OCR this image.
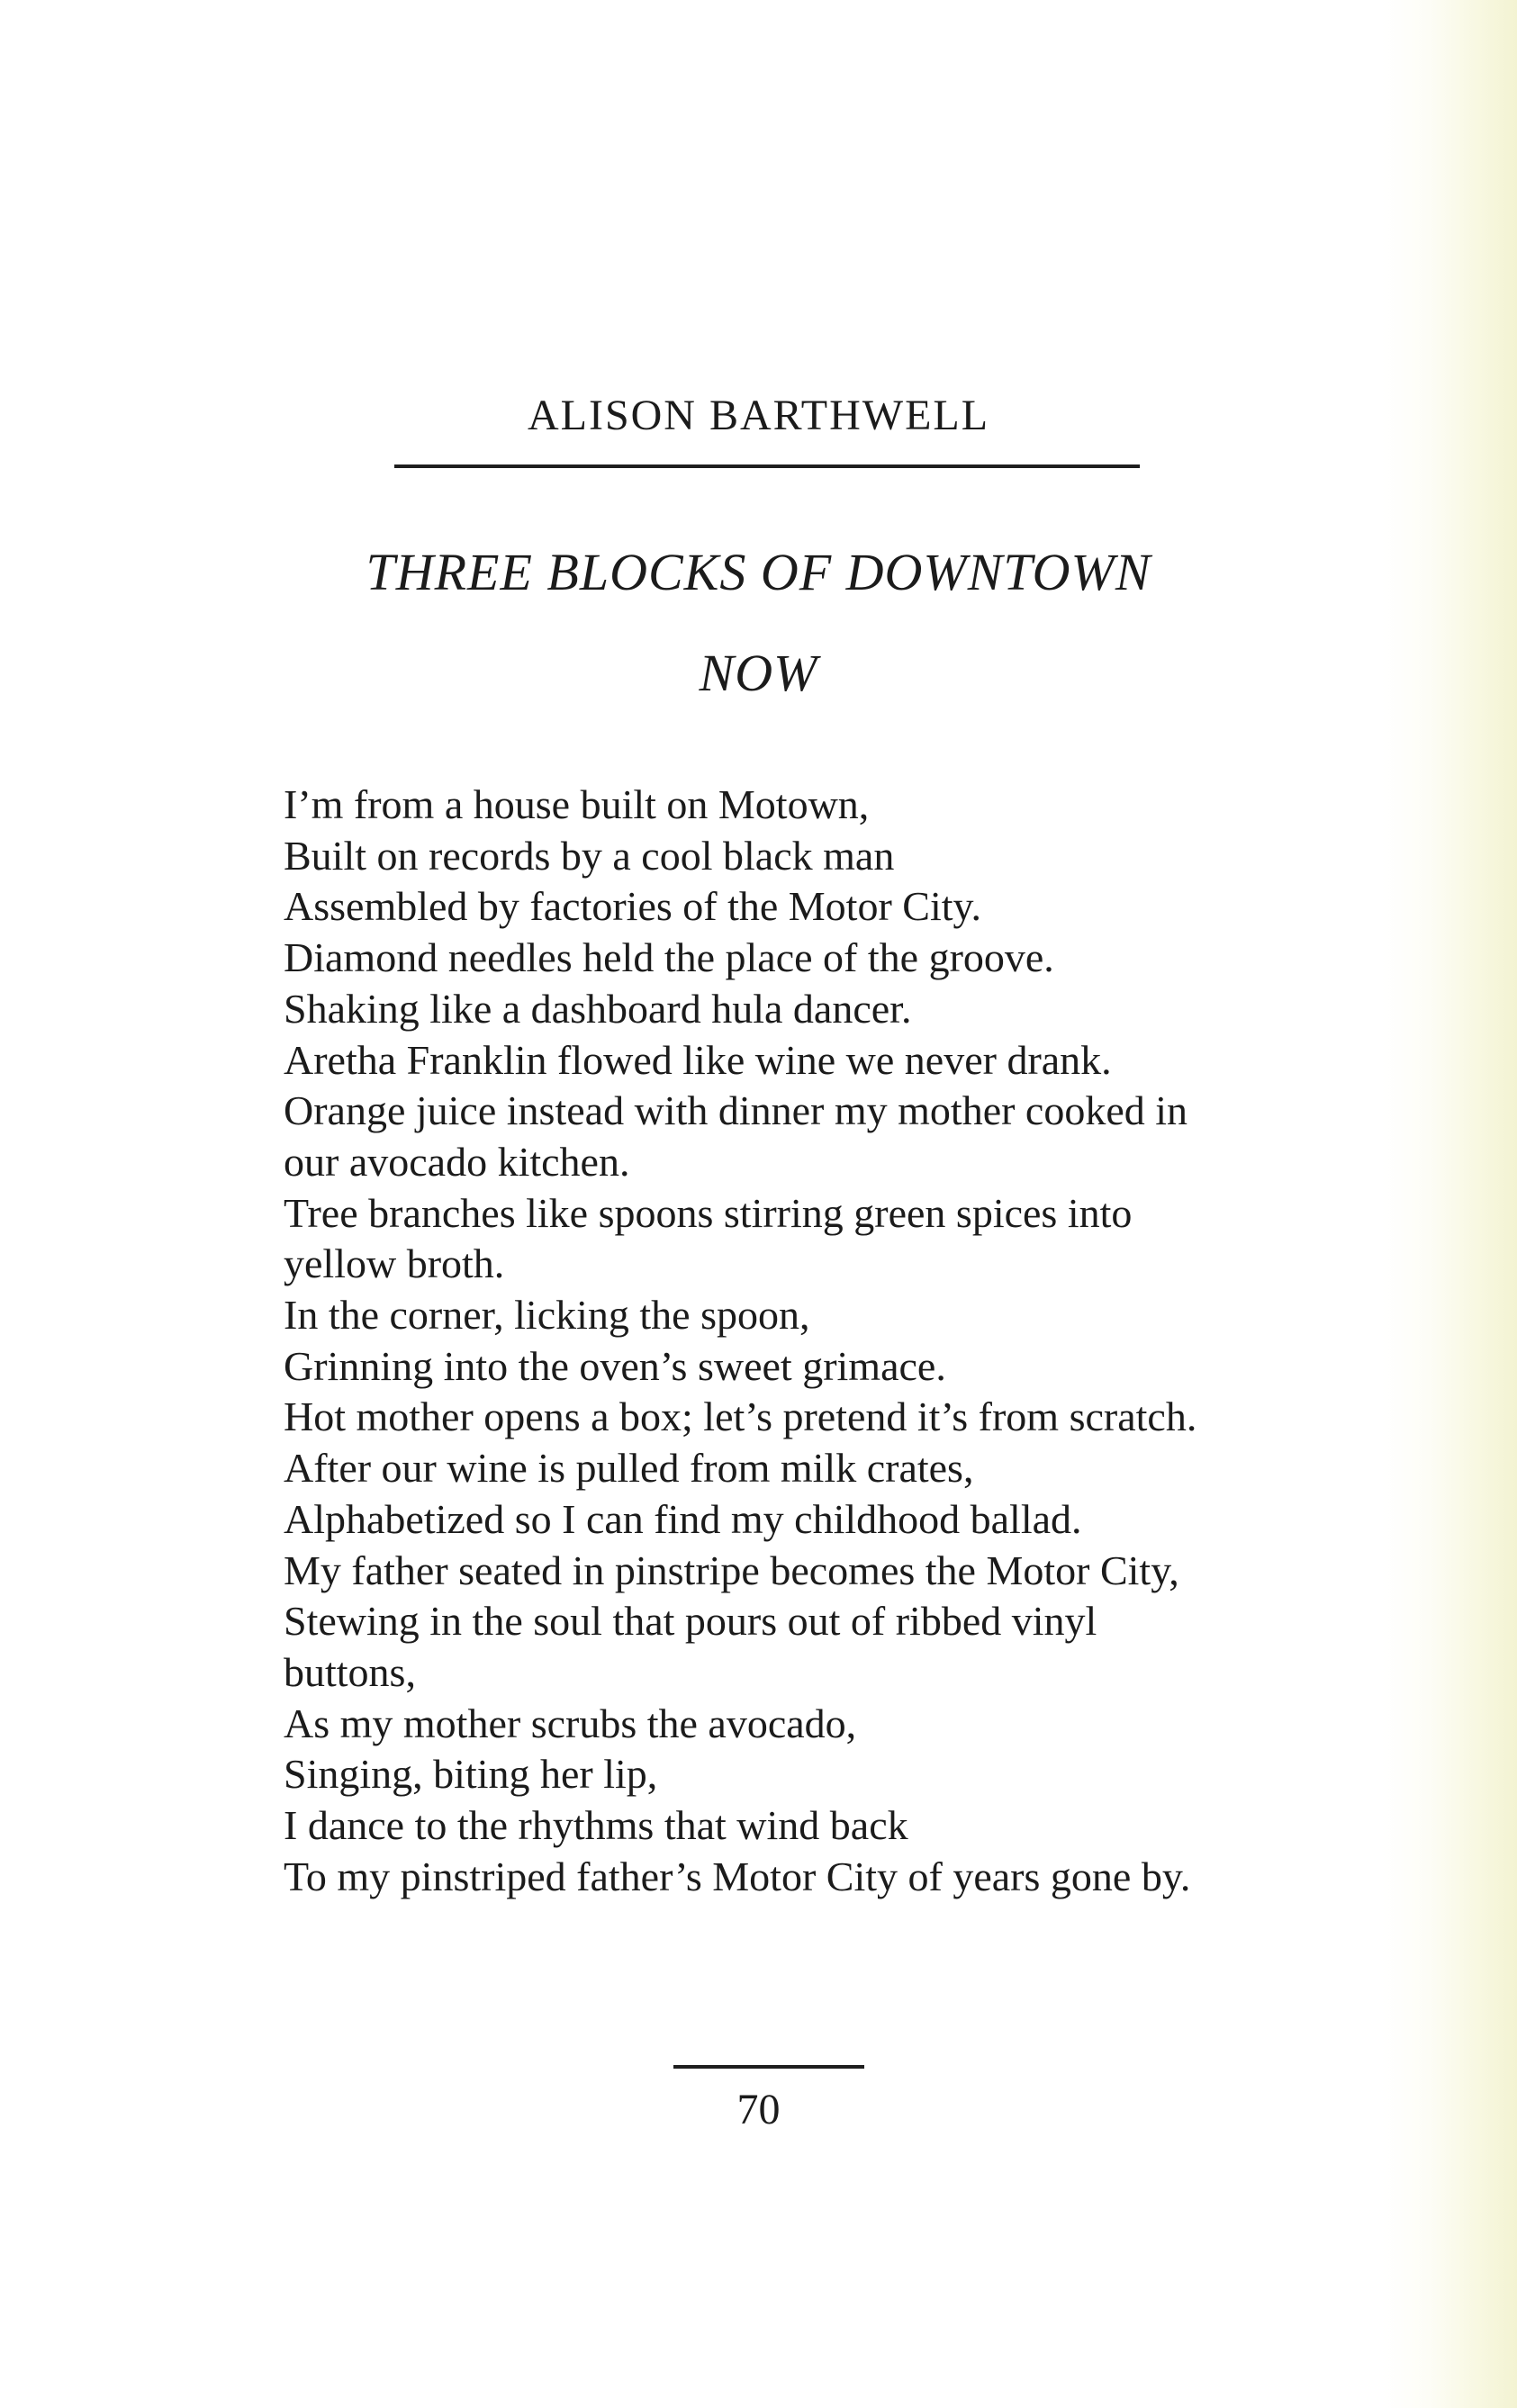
ALISON BARTHWELL
THREE BLOCKS OF DOWNTOWN
NOW
I’m from a house built on Motown,
Built on records by a cool black man
Assembled by factories of the Motor City.
Diamond needles held the place of the groove.
Shaking like a dashboard hula dancer.
Aretha Franklin flowed like wine we never drank.
Orange juice instead with dinner my mother cooked in
our avocado kitchen.
Tree branches like spoons stirring green spices into
yellow broth.
In the corner, licking the spoon,
Grinning into the oven’s sweet grimace.
Hot mother opens a box; let’s pretend it’s from scratch.
After our wine is pulled from milk crates,
Alphabetized so I can find my childhood ballad.
My father seated in pinstripe becomes the Motor City,
Stewing in the soul that pours out of ribbed vinyl
buttons,
As my mother scrubs the avocado,
Singing, biting her lip,
I dance to the rhythms that wind back
To my pinstriped father’s Motor City of years gone by.
70
